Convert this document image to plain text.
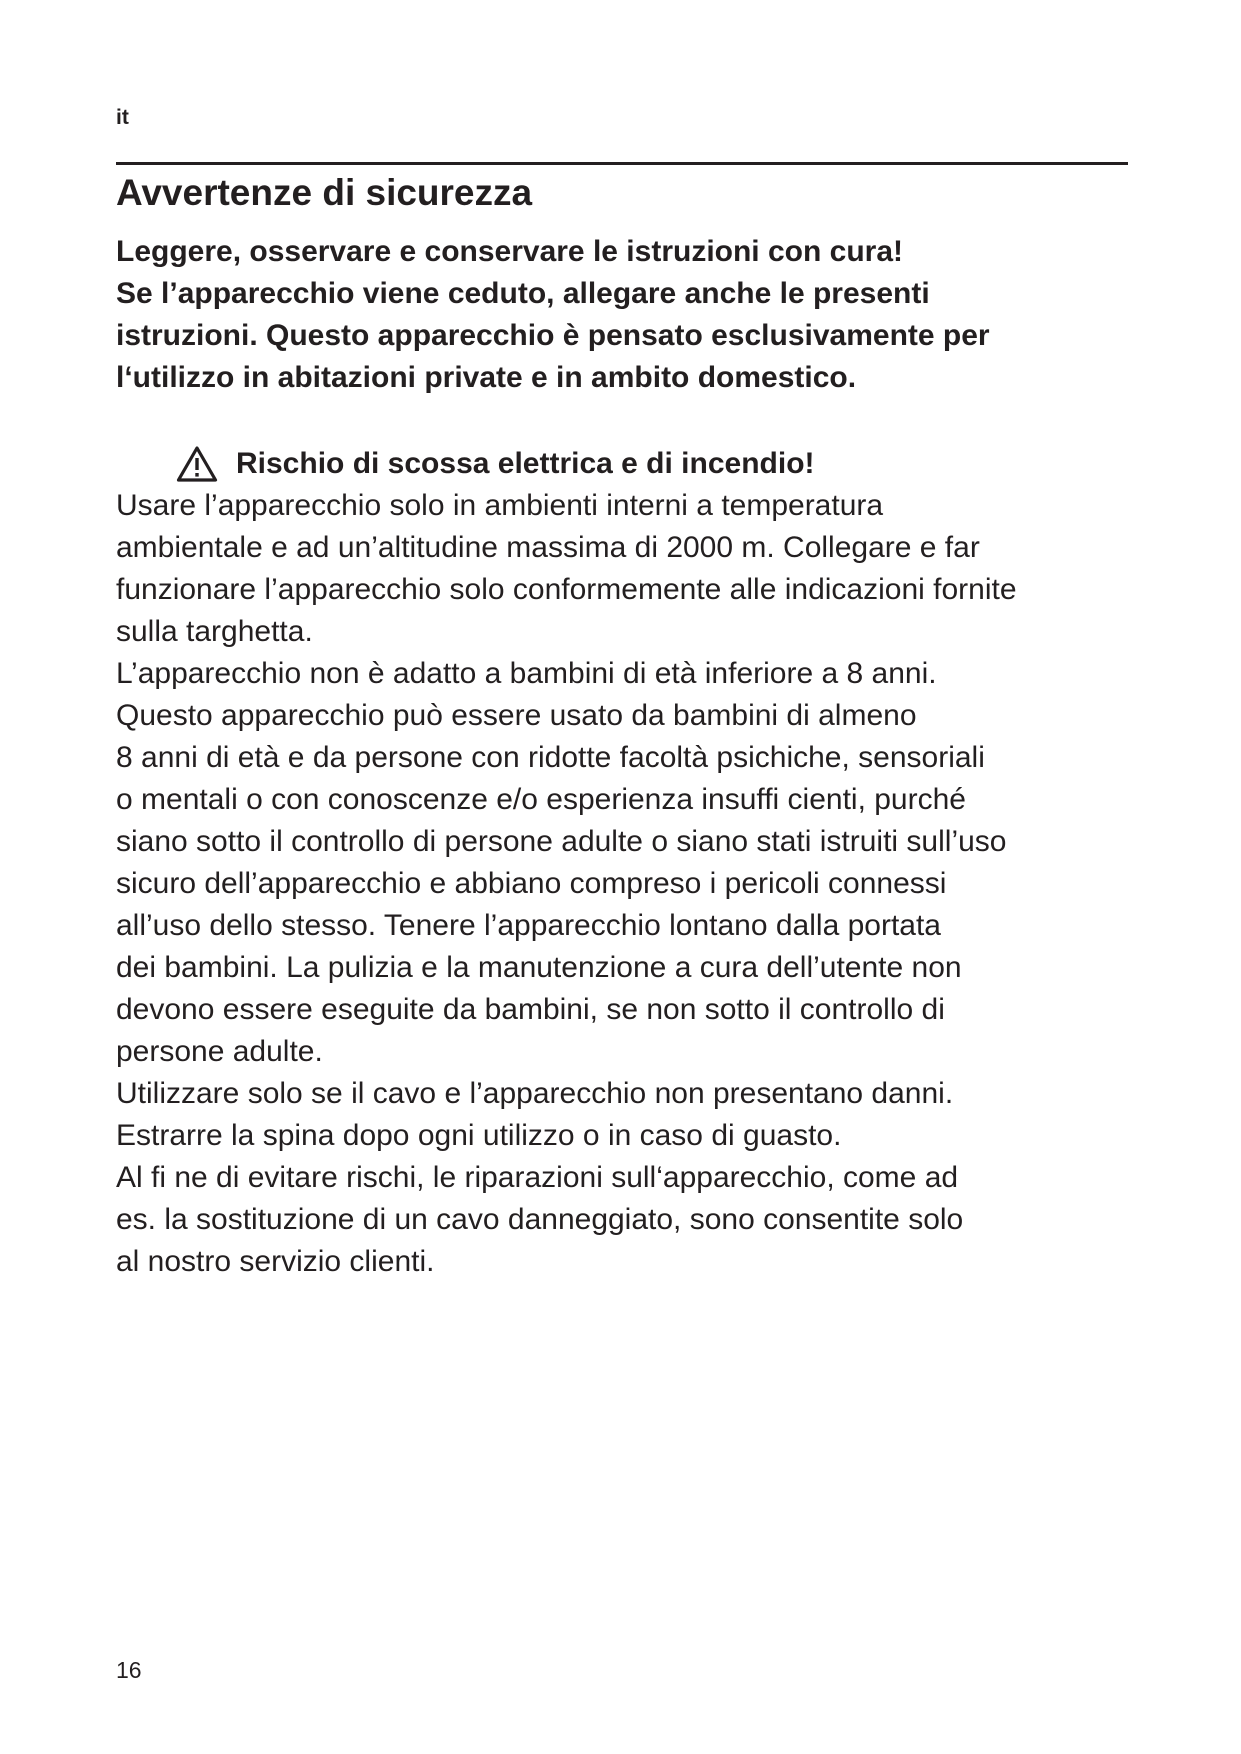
it
Avvertenze di sicurezza

Leggere, osservare e conservare le istruzioni con cura!
Se l’apparecchio viene ceduto, allegare anche le presenti
istruzioni. Questo apparecchio è pensato esclusivamente per
l‘utilizzo in abitazioni private e in ambito domestico.

Rischio di scossa elettrica e di incendio!
Usare l’apparecchio solo in ambienti interni a temperatura
ambientale e ad un’altitudine massima di 2000 m. Collegare e far
funzionare l’apparecchio solo conformemente alle indicazioni fornite
sulla targhetta.
L’apparecchio non è adatto a bambini di età inferiore a 8 anni.
Questo apparecchio può essere usato da bambini di almeno
8 anni di età e da persone con ridotte facoltà psichiche, sensoriali
o mentali o con conoscenze e/o esperienza insuffi cienti, purché
siano sotto il controllo di persone adulte o siano stati istruiti sull’uso
sicuro dell’apparecchio e abbiano compreso i pericoli connessi
all’uso dello stesso. Tenere l’apparecchio lontano dalla portata
dei bambini. La pulizia e la manutenzione a cura dell’utente non
devono essere eseguite da bambini, se non sotto il controllo di
persone adulte.
Utilizzare solo se il cavo e l’apparecchio non presentano danni.
Estrarre la spina dopo ogni utilizzo o in caso di guasto.
Al fi ne di evitare rischi, le riparazioni sull‘apparecchio, come ad
es. la sostituzione di un cavo danneggiato, sono consentite solo
al nostro servizio clienti.
16
